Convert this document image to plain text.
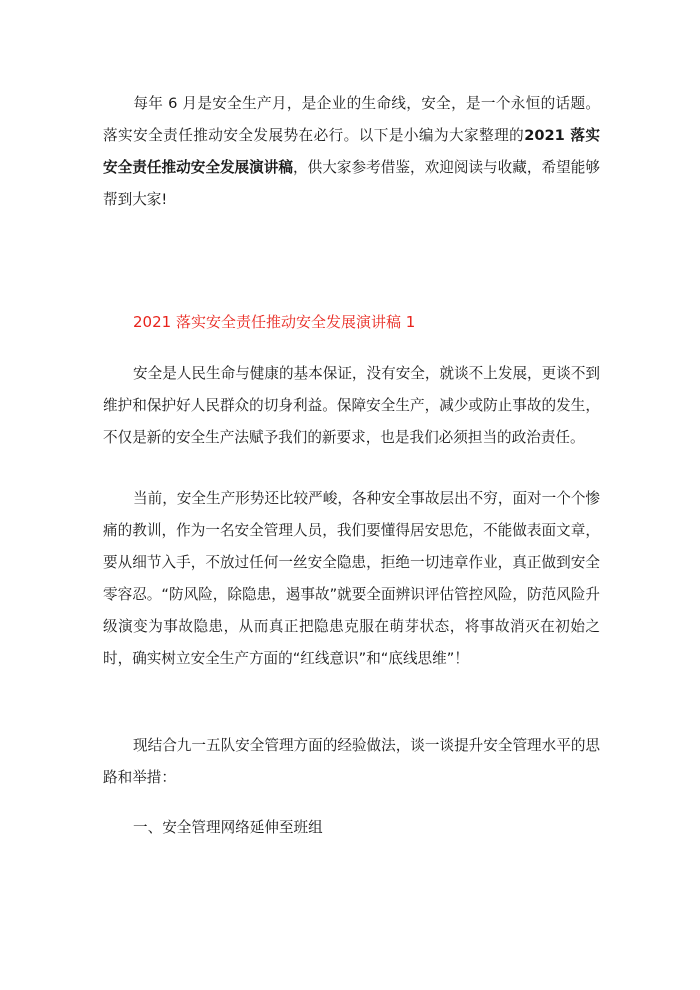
每年 6 月是安全生产月，是企业的生命线，安全，是一个永恒的话题。落实安全责任推动安全发展势在必行。以下是小编为大家整理的2021 落实安全责任推动安全发展演讲稿，供大家参考借鉴，欢迎阅读与收藏，希望能够帮到大家!

2021 落实安全责任推动安全发展演讲稿 1

安全是人民生命与健康的基本保证，没有安全，就谈不上发展，更谈不到维护和保护好人民群众的切身利益。保障安全生产，减少或防止事故的发生，不仅是新的安全生产法赋予我们的新要求，也是我们必须担当的政治责任。

当前，安全生产形势还比较严峻，各种安全事故层出不穷，面对一个个惨痛的教训，作为一名安全管理人员，我们要懂得居安思危，不能做表面文章，要从细节入手，不放过任何一丝安全隐患，拒绝一切违章作业，真正做到安全零容忍。“防风险，除隐患，遏事故”就要全面辨识评估管控风险，防范风险升级演变为事故隐患，从而真正把隐患克服在萌芽状态，将事故消灭在初始之时，确实树立安全生产方面的“红线意识”和“底线思维”！

现结合九一五队安全管理方面的经验做法，谈一谈提升安全管理水平的思路和举措：

一、安全管理网络延伸至班组
